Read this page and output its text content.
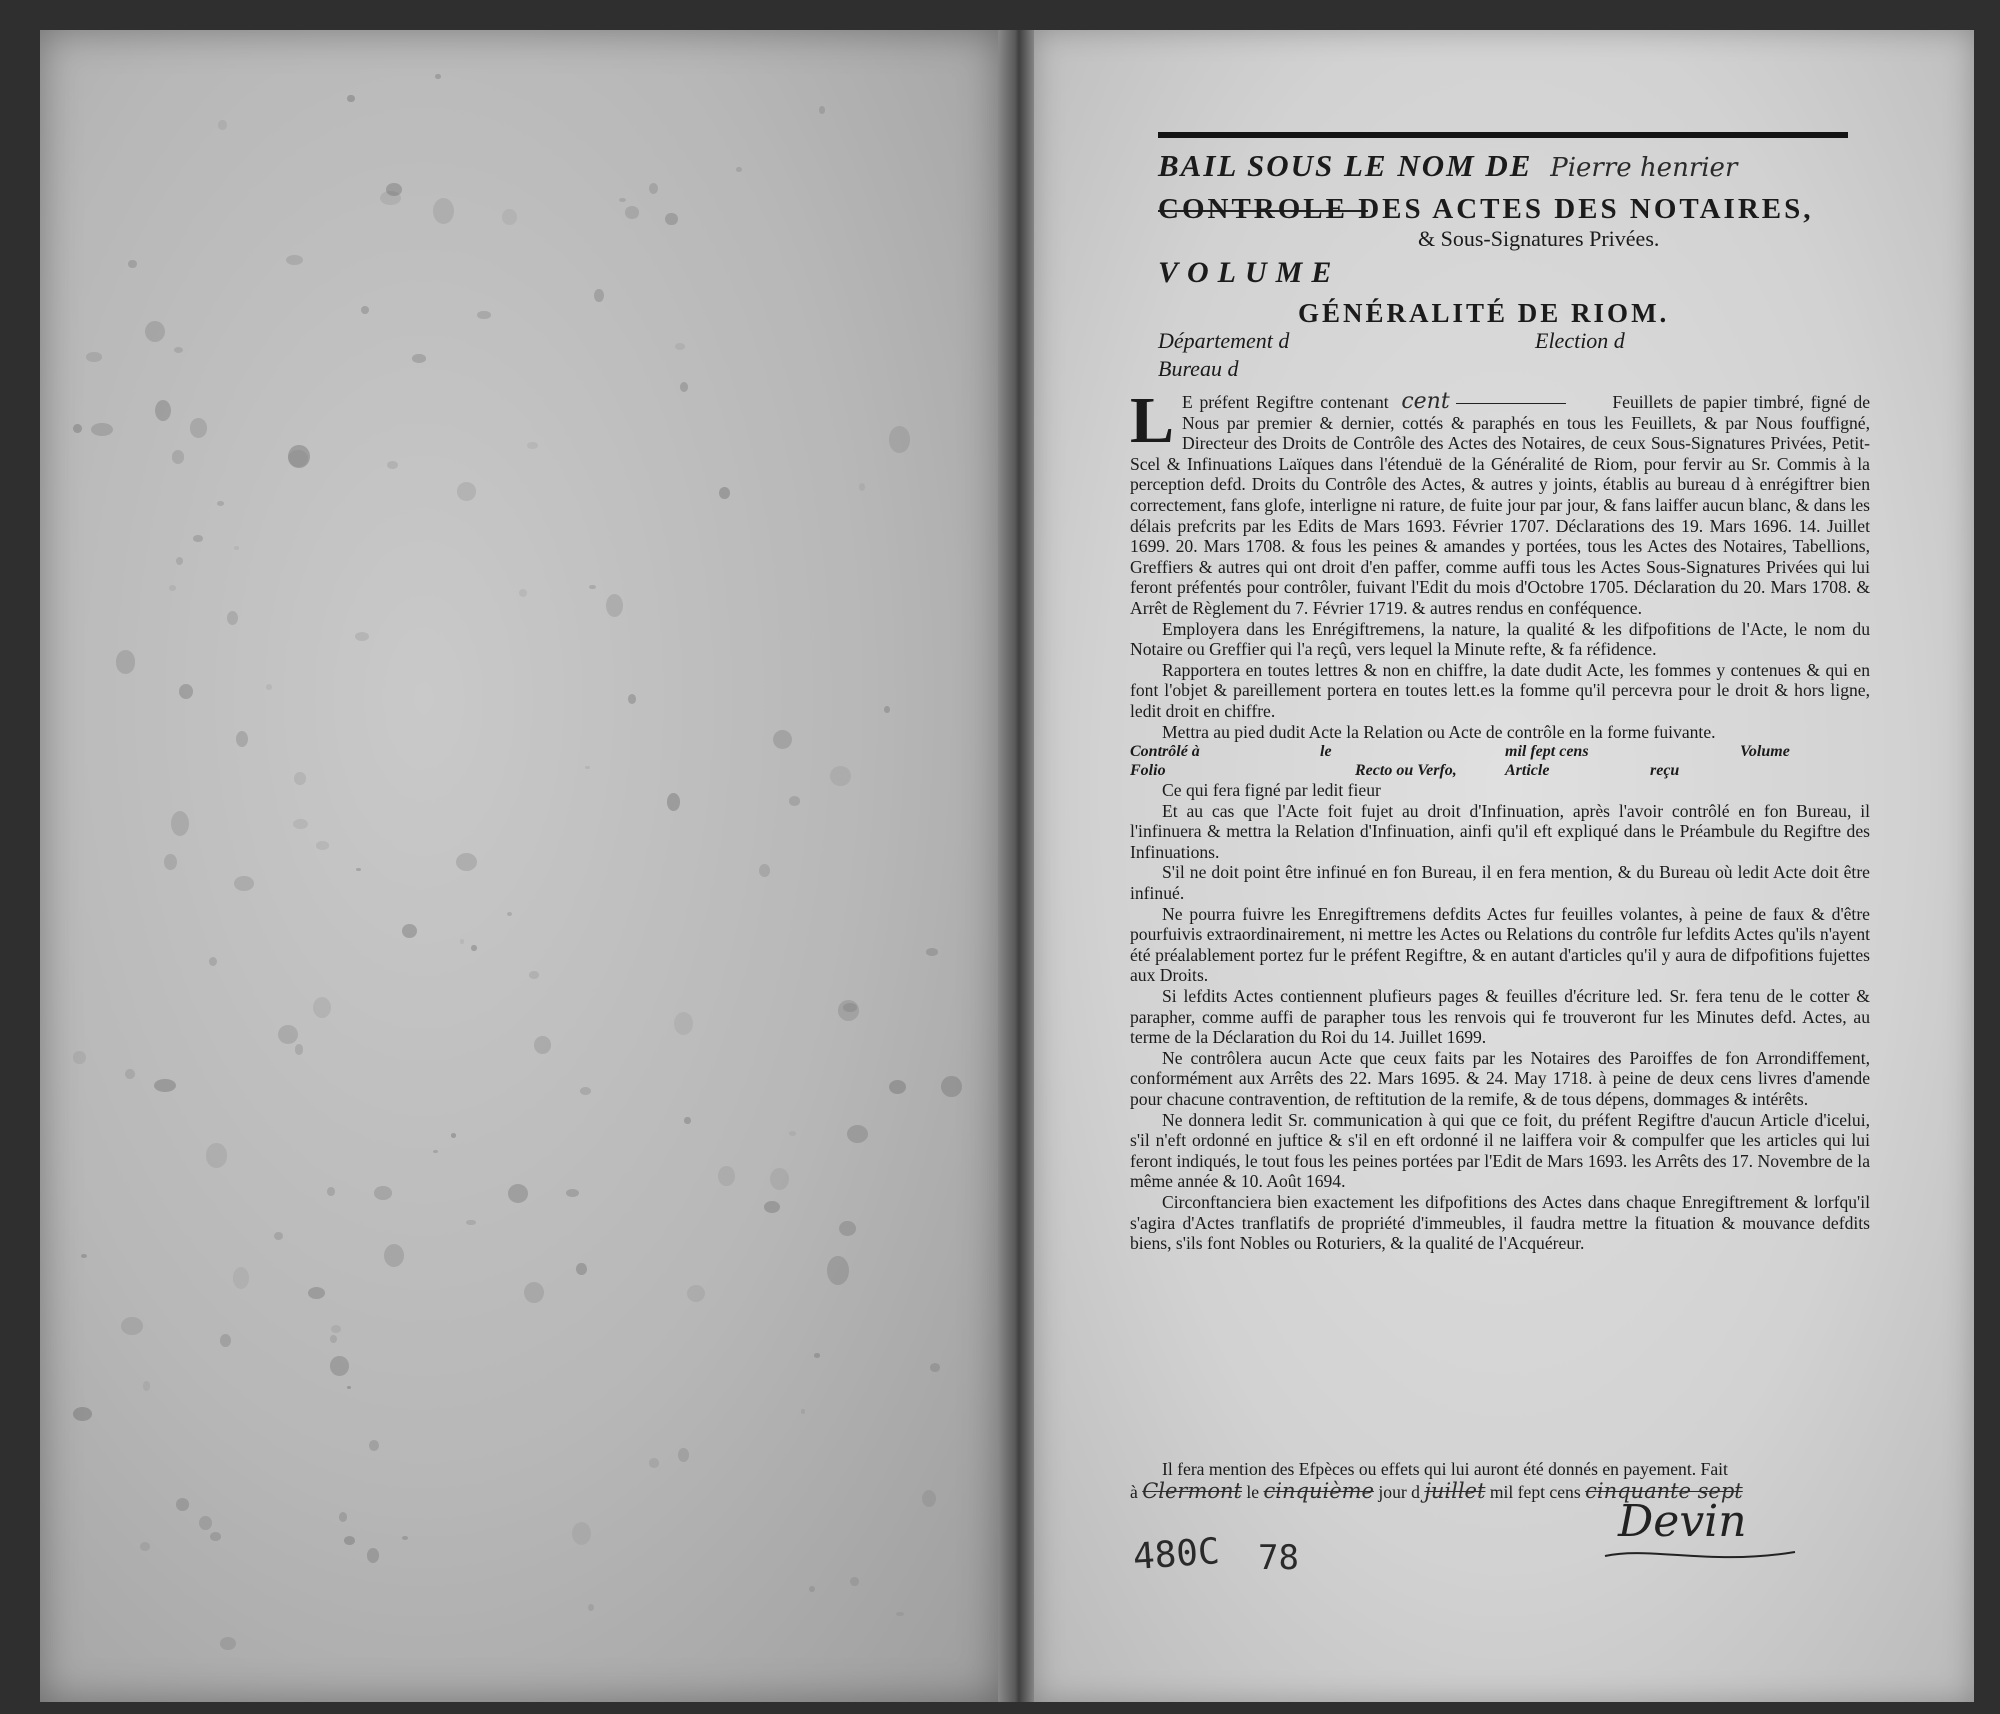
BAIL SOUS LE NOM DE Pierre henrier
CONTROLE DES ACTES DES NOTAIRES,
& Sous-Signatures Privées.
VOLUME
GÉNÉRALITÉ DE RIOM.
Département d	Election d
Bureau d

L E préfent Regiftre contenant cent	Feuillets de papier timbré, figné de Nous par premier & dernier, cottés & paraphés en tous les Feuillets, & par Nous fouffigné, Directeur des Droits de Contrôle des Actes des Notaires, de ceux Sous-Signatures Privées, Petit-Scel & Infinuations Laïques dans l'étenduë de la Généralité de Riom, pour fervir au Sr. Commis à la perception defd. Droits du Contrôle des Actes, & autres y joints, établis au bureau d à enrégiftrer bien correctement, fans glofe, interligne ni rature, de fuite jour par jour, & fans laiffer aucun blanc, & dans les délais prefcrits par les Edits de Mars 1693. Février 1707. Déclarations des 19. Mars 1696. 14. Juillet 1699. 20. Mars 1708. & fous les peines & amandes y portées, tous les Actes des Notaires, Tabellions, Greffiers & autres qui ont droit d'en paffer, comme auffi tous les Actes Sous-Signatures Privées qui lui feront préfentés pour contrôler, fuivant l'Edit du mois d'Octobre 1705. Déclaration du 20. Mars 1708. & Arrêt de Règlement du 7. Février 1719. & autres rendus en conféquence.

Employera dans les Enrégiftremens, la nature, la qualité & les difpofitions de l'Acte, le nom du Notaire ou Greffier qui l'a reçû, vers lequel la Minute refte, & fa réfidence.

Rapportera en toutes lettres & non en chiffre, la date dudit Acte, les fommes y contenues & qui en font l'objet & pareillement portera en toutes lett.es la fomme qu'il percevra pour le droit & hors ligne, ledit droit en chiffre.

Mettra au pied dudit Acte la Relation ou Acte de contrôle en la forme fuivante.

Contrôlé à	le	mil fept cens	Volume
Folio	Recto ou Verfo,	Article	reçu

Ce qui fera figné par ledit fieur

Et au cas que l'Acte foit fujet au droit d'Infinuation, après l'avoir contrôlé en fon Bureau, il l'infinuera & mettra la Relation d'Infinuation, ainfi qu'il eft expliqué dans le Préambule du Regiftre des Infinuations.

S'il ne doit point être infinué en fon Bureau, il en fera mention, & du Bureau où ledit Acte doit être infinué.

Ne pourra fuivre les Enregiftremens defdits Actes fur feuilles volantes, à peine de faux & d'être pourfuivis extraordinairement, ni mettre les Actes ou Relations du contrôle fur lefdits Actes qu'ils n'ayent été préalablement portez fur le préfent Regiftre, & en autant d'articles qu'il y aura de difpofitions fujettes aux Droits.

Si lefdits Actes contiennent plufieurs pages & feuilles d'écriture led. Sr. fera tenu de le cotter & parapher, comme auffi de parapher tous les renvois qui fe trouveront fur les Minutes defd. Actes, au terme de la Déclaration du Roi du 14. Juillet 1699.

Ne contrôlera aucun Acte que ceux faits par les Notaires des Paroiffes de fon Arrondiffement, conformément aux Arrêts des 22. Mars 1695. & 24. May 1718. à peine de deux cens livres d'amende pour chacune contravention, de reftitution de la remife, & de tous dépens, dommages & intérêts.

Ne donnera ledit Sr. communication à qui que ce foit, du préfent Regiftre d'aucun Article d'icelui, s'il n'eft ordonné en juftice & s'il en eft ordonné il ne laiffera voir & compulfer que les articles qui lui feront indiqués, le tout fous les peines portées par l'Edit de Mars 1693. les Arrêts des 17. Novembre de la même année & 10. Août 1694.

Circonftanciera bien exactement les difpofitions des Actes dans chaque Enregiftrement & lorfqu'il s'agira d'Actes tranflatifs de propriété d'immeubles, il faudra mettre la fituation & mouvance defdits biens, s'ils font Nobles ou Roturiers, & la qualité de l'Acquéreur.

Il fera mention des Efpèces ou effets qui lui auront été donnés en payement. Fait
à Clermont le cinquième jour d juillet mil fept cens cinquante sept
Devin
480C 78
